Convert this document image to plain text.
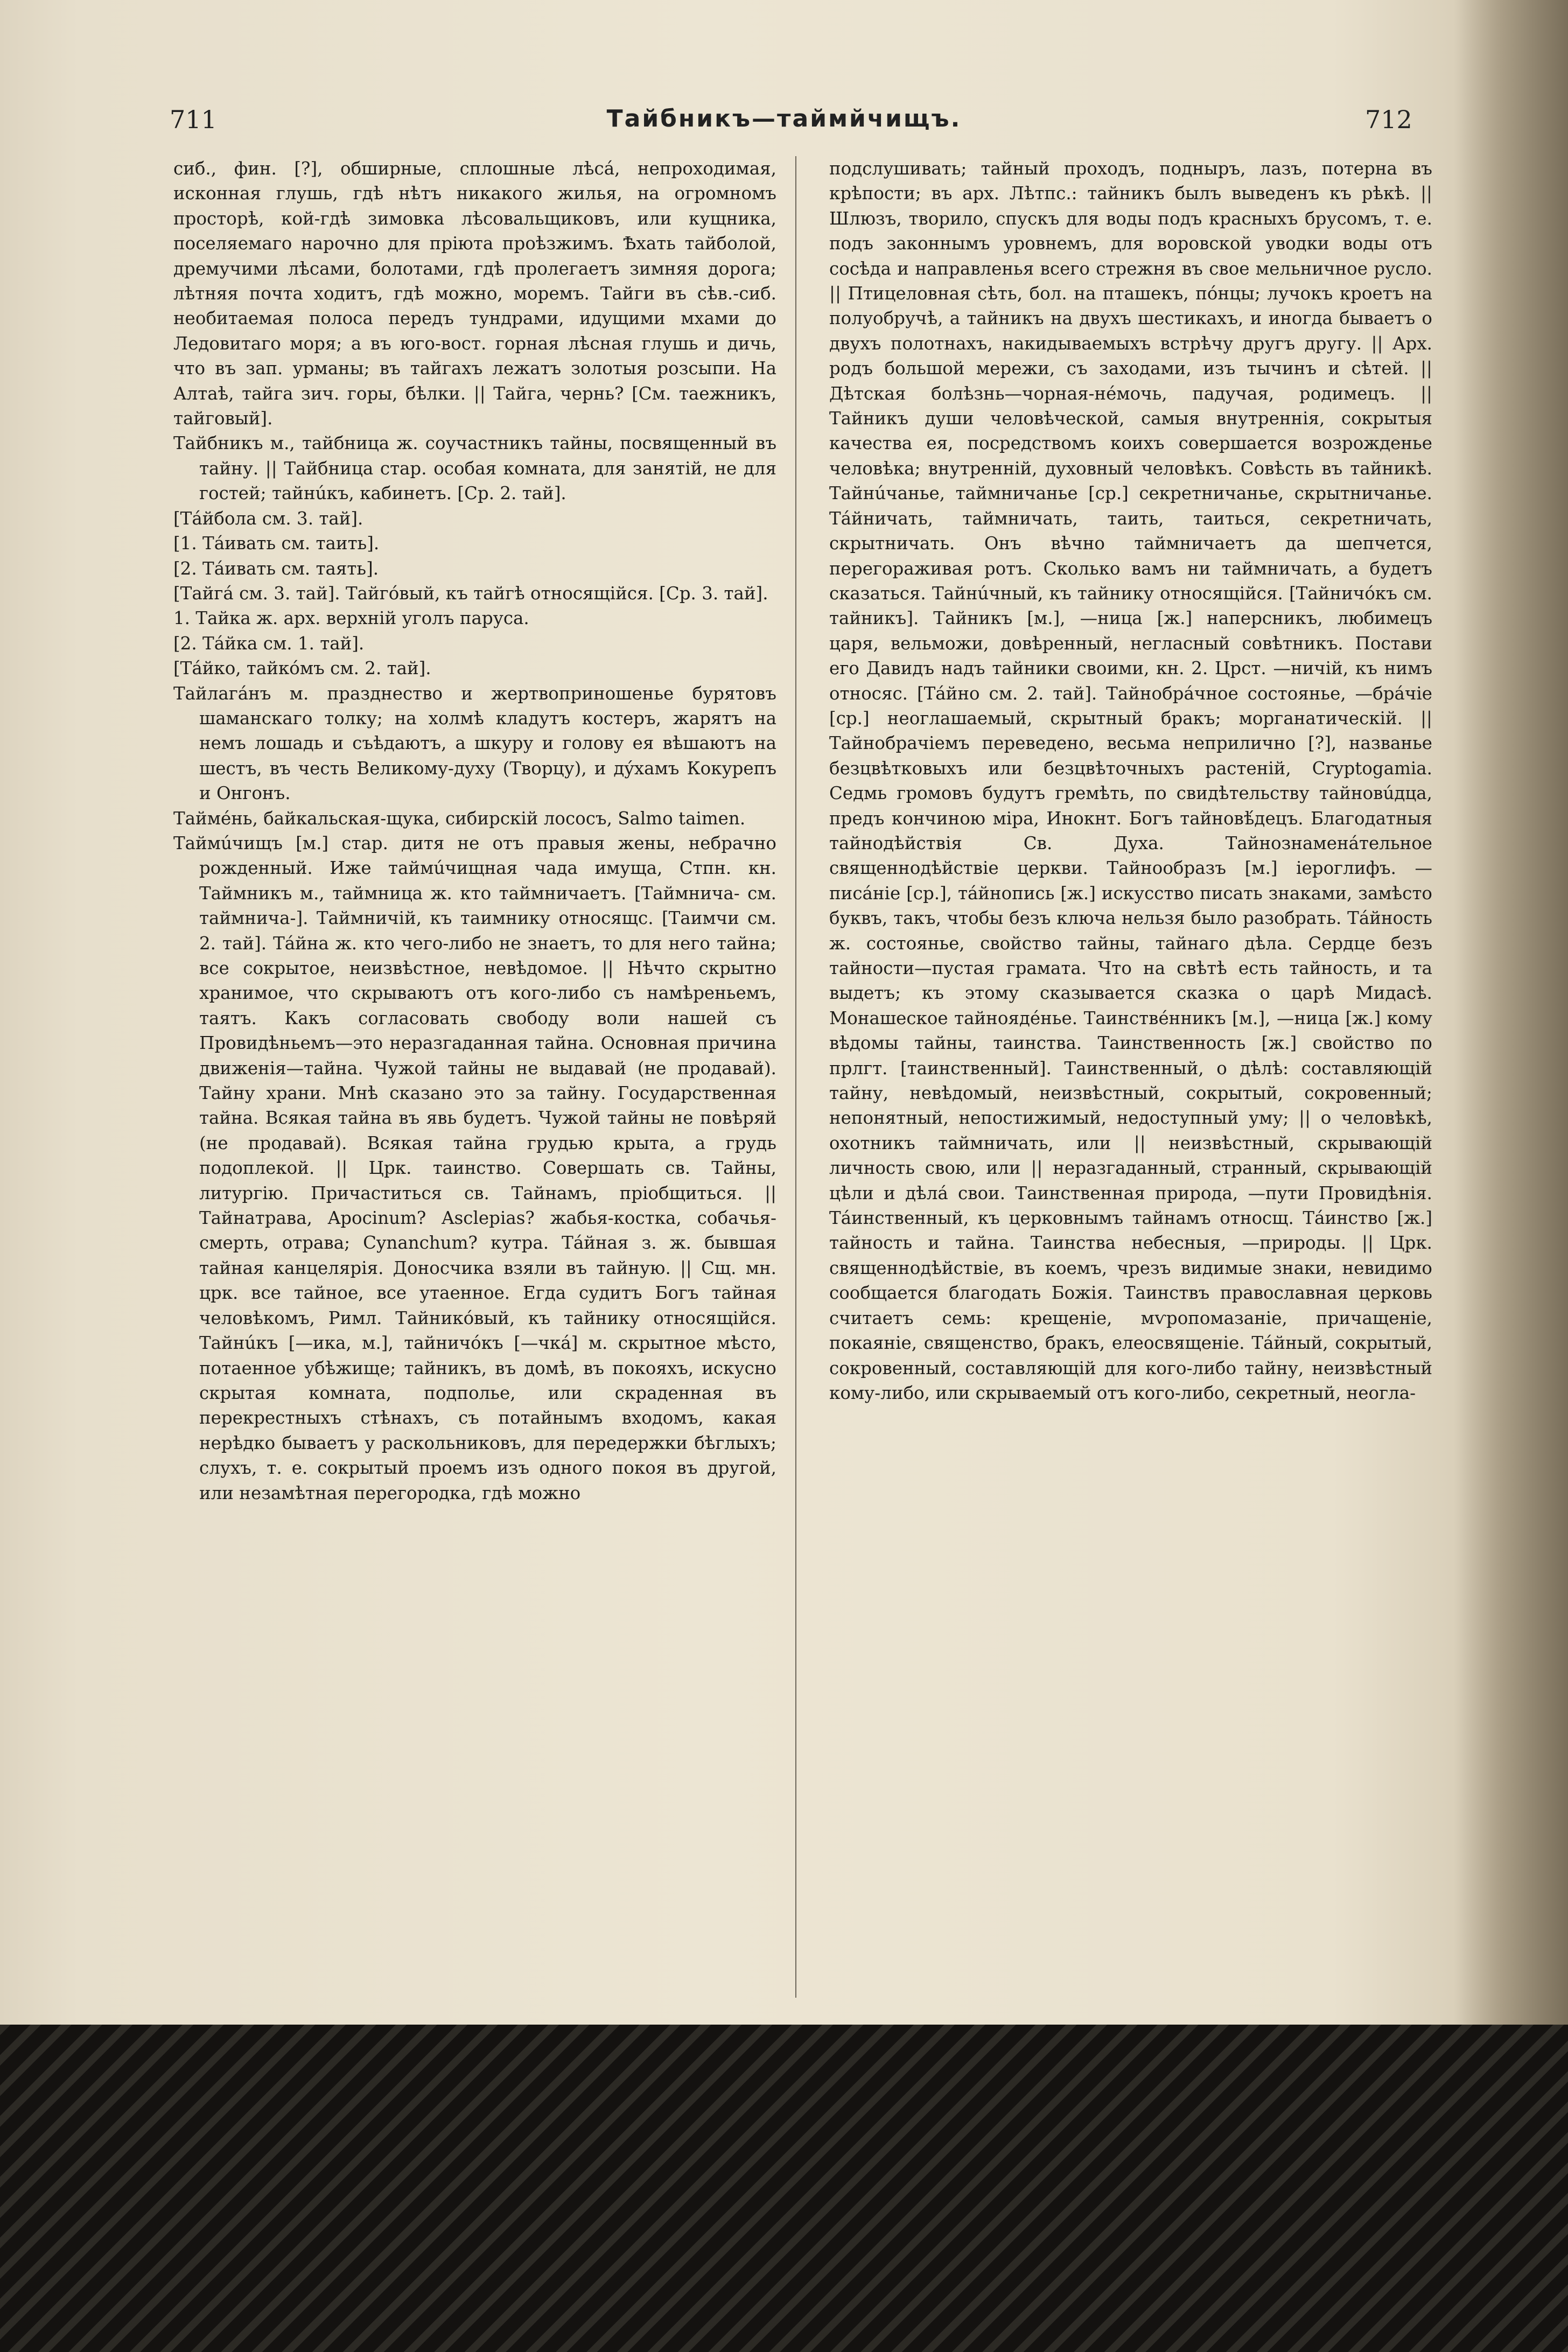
711	Тайбникъ—таймйчищъ.	712

сиб., фин. [?], обширные, сплошные лѣсá, непроходимая, исконная глушь, гдѣ нѣтъ никакого жилья, на огромномъ просторѣ, кой-гдѣ зимовка лѣсовальщиковъ, или кущника, поселяемаго нарочно для пріюта проѣзжимъ. Ѣхать тайболой, дремучими лѣсами, болотами, гдѣ пролегаетъ зимняя дорога; лѣтняя почта ходитъ, гдѣ можно, моремъ. Тайги въ сѣв.-сиб. необитаемая полоса передъ тундрами, идущими мхами до Ледовитаго моря; а въ юго-вост. горная лѣсная глушь и дичь, что въ зап. урманы; въ тайгахъ лежатъ золотыя розсыпи. На Алтаѣ, тайга зич. горы, бѣлки. || Тайга, чернь? [См. таежникъ, тайговый].

Тайбникъ м., тайбница ж. соучастникъ тайны, посвященный въ тайну. || Тайбница стар. особая комната, для занятій, не для гостей; тайнúкъ, кабинетъ. [Ср. 2. тай].

[Тáйбола см. 3. тай].

[1. Тáивать см. таить].

[2. Тáивать см. таять].

[Тайгá см. 3. тай]. Тайгóвый, къ тайгѣ относящійся. [Ср. 3. тай].

1. Тайка ж. арх. верхній уголъ паруса.

[2. Тáйка см. 1. тай].

[Тáйко, тайкóмъ см. 2. тай].

Тайлагáнъ м. празднество и жертвоприношенье бурятовъ шаманскаго толку; на холмѣ кладутъ костеръ, жарятъ на немъ лошадь и съѣдаютъ, а шкуру и голову ея вѣшаютъ на шестъ, въ честь Великому-духу (Творцу), и дýхамъ Кокурепъ и Онгонъ.

Таймéнь, байкальская-щука, сибирскій лососъ, Salmo taimen.

Таймúчищъ [м.] стар. дитя не отъ правыя жены, небрачно рожденный. Иже таймúчищная чада имуща, Стпн. кн. Таймникъ м., таймница ж. кто таймничаетъ. [Таймнича- см. таймнича-]. Таймничій, къ таимнику относящс. [Таимчи см. 2. тай]. Тáйна ж. кто чего-либо не знаетъ, то для него тайна; все сокрытое, неизвѣстное, невѣдомое. || Нѣчто скрытно хранимое, что скрываютъ отъ кого-либо съ намѣреньемъ, таятъ. Какъ согласовать свободу воли нашей съ Провидѣньемъ—это неразгаданная тайна. Основная причина движенія—тайна. Чужой тайны не выдавай (не продавай). Тайну храни. Мнѣ сказано это за тайну. Государственная тайна. Всякая тайна въ явь будетъ. Чужой тайны не повѣряй (не продавай). Всякая тайна грудью крыта, а грудь подоплекой. || Црк. таинство. Совершать св. Тайны, литургію. Причаститься св. Тайнамъ, пріобщиться. || Тайнатрава, Apocinum? Asclepias? жабья-костка, собачья-смерть, отрава; Cynanchum? кутра. Тáйная з. ж. бывшая тайная канцелярія. Доносчика взяли въ тайную. || Сщ. мн. црк. все тайное, все утаенное. Егда судитъ Богъ тайная человѣкомъ, Римл. Тайникóвый, къ тайнику относящійся. Тайнúкъ [—ика, м.], тайничóкъ [—чкá] м. скрытное мѣсто, потаенное убѣжище; тайникъ, въ домѣ, въ покояхъ, искусно скрытая комната, подполье, или скраденная въ перекрестныхъ стѣнахъ, съ потайнымъ входомъ, какая нерѣдко бываетъ у раскольниковъ, для передержки бѣглыхъ; слухъ, т. е. сокрытый проемъ изъ одного покоя въ другой, или незамѣтная перегородка, гдѣ можно

подслушивать; тайный проходъ, подныръ, лазъ, потерна въ крѣпости; въ арх. Лѣтпс.: тайникъ былъ выведенъ къ рѣкѣ. || Шлюзъ, творило, спускъ для воды подъ красныхъ брусомъ, т. е. подъ законнымъ уровнемъ, для воровской уводки воды отъ сосѣда и направленья всего стрежня въ свое мельничное русло. || Птицеловная сѣть, бол. на пташекъ, пóнцы; лучокъ кроетъ на полуобручѣ, а тайникъ на двухъ шестикахъ, и иногда бываетъ о двухъ полотнахъ, накидываемыхъ встрѣчу другъ другу. || Арх. родъ большой мережи, съ заходами, изъ тычинъ и сѣтей. || Дѣтская болѣзнь—чорная-нéмочь, падучая, родимецъ. || Тайникъ души человѣческой, самыя внутреннія, сокрытыя качества ея, посредствомъ коихъ совершается возрожденье человѣка; внутренній, духовный человѣкъ. Совѣсть въ тайникѣ. Тайнúчанье, таймничанье [ср.] секретничанье, скрытничанье. Тáйничать, таймничать, таить, таиться, секретничать, скрытничать. Онъ вѣчно таймничаетъ да шепчется, перегораживая ротъ. Сколько вамъ ни таймничать, а будетъ сказаться. Тайнúчный, къ тайнику относящійся. [Тайничóкъ см. тайникъ]. Тайникъ [м.], —ница [ж.] наперсникъ, любимецъ царя, вельможи, довѣренный, негласный совѣтникъ. Постави его Давидъ надъ тайники своими, кн. 2. Црст. —ничій, къ нимъ относяс. [Тáйно см. 2. тай]. Тайнобрáчное состоянье, —брáчіе [ср.] неоглашаемый, скрытный бракъ; морганатическій. || Тайнобрачіемъ переведено, весьма неприлично [?], названье безцвѣтковыхъ или безцвѣточныхъ растеній, Cryptogamia. Седмь громовъ будутъ гремѣть, по свидѣтельству тайновúдца, предъ кончиною міра, Инокнт. Богъ тайновѣ́децъ. Благодатныя тайнодѣйствія Св. Духа. Тайнознаменáтельное священнодѣйствіе церкви. Тайнообразъ [м.] іероглифъ. —писáніе [ср.], тáйнопись [ж.] искусство писать знаками, замѣсто буквъ, такъ, чтобы безъ ключа нельзя было разобрать. Тáйность ж. состоянье, свойство тайны, тайнаго дѣла. Сердце безъ тайности—пустая грамата. Что на свѣтѣ есть тайность, и та выдетъ; къ этому сказывается сказка о царѣ Мидасѣ. Монашеское тайноядéнье. Таинствéнникъ [м.], —ница [ж.] кому вѣдомы тайны, таинства. Таинственность [ж.] свойство по прлгт. [таинственный]. Таинственный, о дѣлѣ: составляющій тайну, невѣдомый, неизвѣстный, сокрытый, сокровенный; непонятный, непостижимый, недоступный уму; || о человѣкѣ, охотникъ таймничать, или || неизвѣстный, скрывающій личность свою, или || неразгаданный, странный, скрывающій цѣли и дѣлá свои. Таинственная природа, —пути Провидѣнія. Тáинственный, къ церковнымъ тайнамъ относщ. Тáинство [ж.] тайность и тайна. Таинства небесныя, —природы. || Црк. священнодѣйствіе, въ коемъ, чрезъ видимые знаки, невидимо сообщается благодать Божія. Таинствъ православная церковь считаетъ семь: крещеніе, мѵропомазаніе, причащеніе, покаяніе, священство, бракъ, елеосвященіе. Тáйный, сокрытый, сокровенный, составляющій для кого-либо тайну, неизвѣстный кому-либо, или скрываемый отъ кого-либо, секретный, неогла-
